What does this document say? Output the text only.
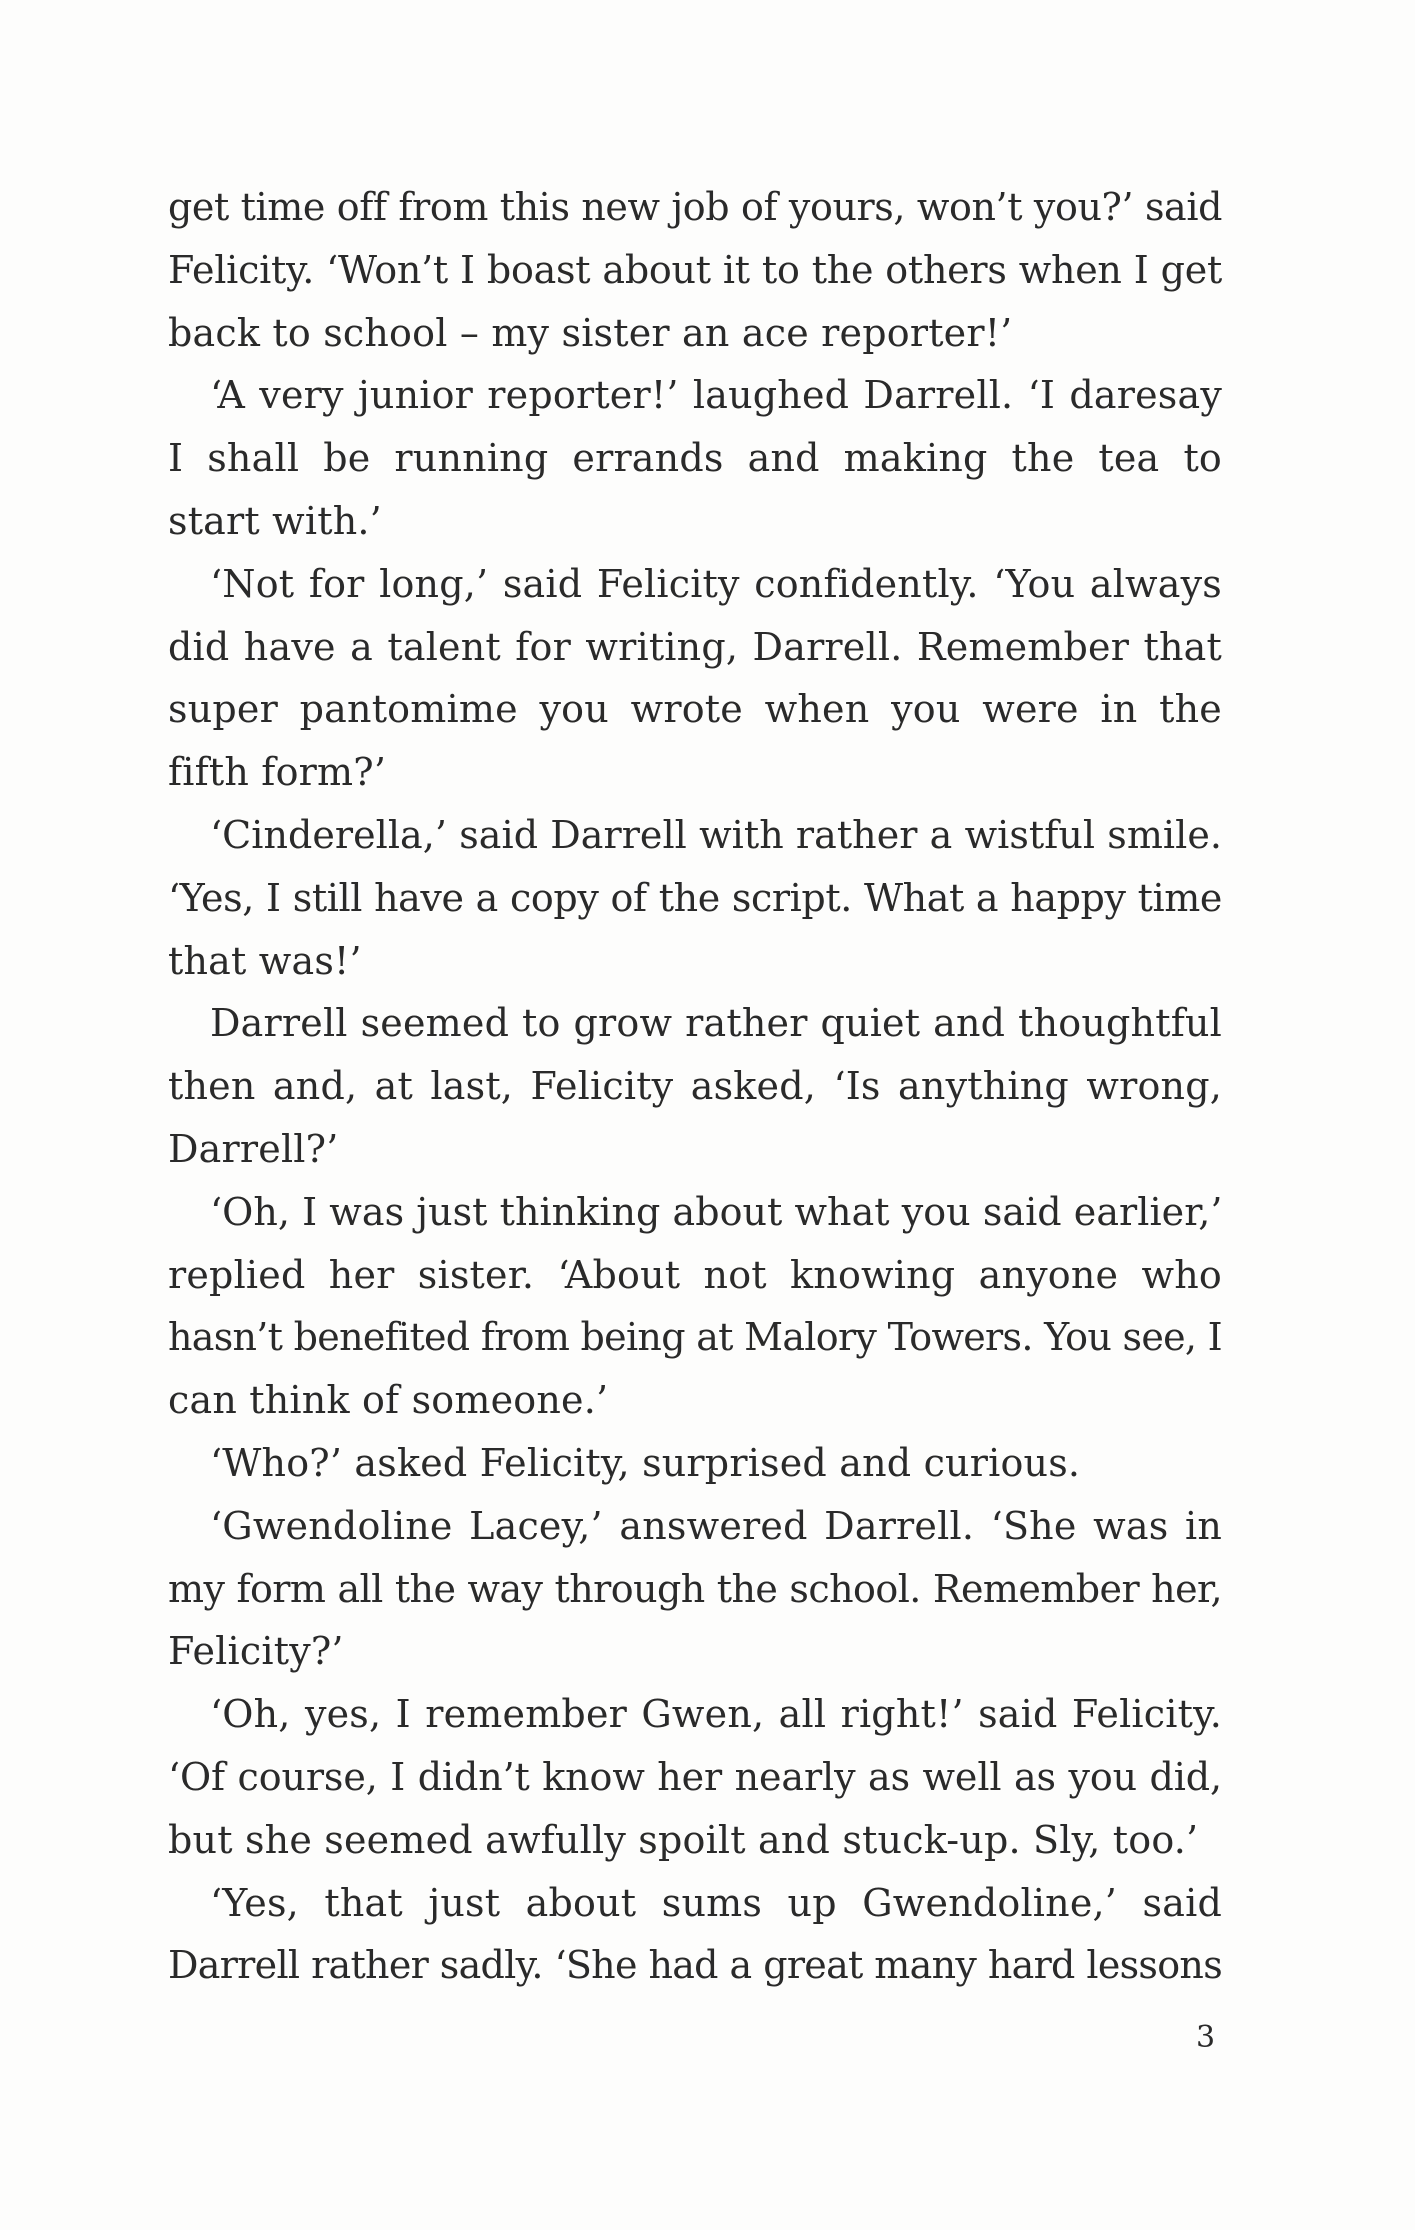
get time off from this new job of yours, won’t you?’ said
Felicity. ‘Won’t I boast about it to the others when I get
back to school – my sister an ace reporter!’
‘A very junior reporter!’ laughed Darrell. ‘I daresay
I shall be running errands and making the tea to
start with.’
‘Not for long,’ said Felicity confidently. ‘You always
did have a talent for writing, Darrell. Remember that
super pantomime you wrote when you were in the
fifth form?’
‘Cinderella,’ said Darrell with rather a wistful smile.
‘Yes, I still have a copy of the script. What a happy time
that was!’
Darrell seemed to grow rather quiet and thoughtful
then and, at last, Felicity asked, ‘Is anything wrong,
Darrell?’
‘Oh, I was just thinking about what you said earlier,’
replied her sister. ‘About not knowing anyone who
hasn’t benefited from being at Malory Towers. You see, I
can think of someone.’
‘Who?’ asked Felicity, surprised and curious.
‘Gwendoline Lacey,’ answered Darrell. ‘She was in
my form all the way through the school. Remember her,
Felicity?’
‘Oh, yes, I remember Gwen, all right!’ said Felicity.
‘Of course, I didn’t know her nearly as well as you did,
but she seemed awfully spoilt and stuck-up. Sly, too.’
‘Yes, that just about sums up Gwendoline,’ said
Darrell rather sadly. ‘She had a great many hard lessons
3
